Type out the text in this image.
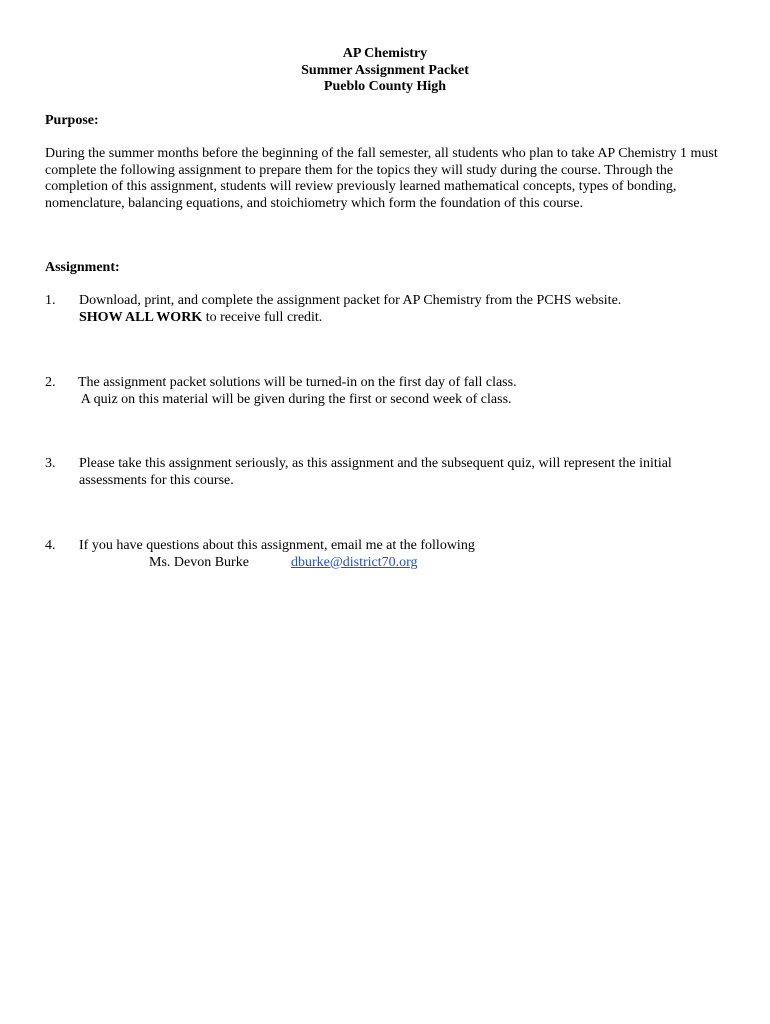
AP Chemistry
Summer Assignment Packet
Pueblo County High
Purpose:
During the summer months before the beginning of the fall semester, all students who plan to take AP Chemistry 1 must complete the following assignment to prepare them for the topics they will study during the course. Through the completion of this assignment, students will review previously learned mathematical concepts, types of bonding, nomenclature, balancing equations, and stoichiometry which form the foundation of this course.
Assignment:
1. Download, print, and complete the assignment packet for AP Chemistry from the PCHS website.
SHOW ALL WORK to receive full credit.
2. The assignment packet solutions will be turned-in on the first day of fall class.
A quiz on this material will be given during the first or second week of class.
3. Please take this assignment seriously, as this assignment and the subsequent quiz, will represent the initial assessments for this course.
4. If you have questions about this assignment, email me at the following
Ms. Devon Burke	dburke@district70.org
